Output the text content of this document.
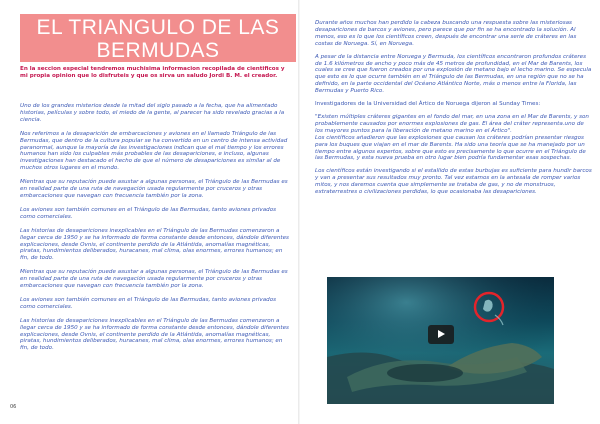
EL TRIANGULO DE LAS BERMUDAS
En la seccion especial tendremos muchisima informacion recopilada de cientificos y mi propia opinion que lo disfruteis y que os sirva un saludo Jordi B. M. el creador.

Uno de los grandes misterios desde la mitad del siglo pasado a la fecha, que ha alimentado historias, películas y sobre todo, el miedo de la gente, al parecer ha sido revelado gracias a la ciencia.

Nos referimos a la desaparición de embarcaciones y aviones en el llamado Triángulo de las Bermudas, que dentro de la cultura popular se ha convertido en un centro de intensa actividad paranormal, aunque la mayoría de las investigaciones indican que el mal tiempo y los errores humanos han sido los culpables más probables de las desapariciones, e incluso, algunas investigaciones han destacado el hecho de que el número de desapariciones es similar al de muchos otros lugares en el mundo.

Mientras que su reputación puede asustar a algunas personas, el Triángulo de las Bermudas es en realidad parte de una ruta de navegación usada regularmente por cruceros y otras embarcaciones que navegan con frecuencia también por la zona.

Los aviones son también comunes en el Triángulo de las Bermudas, tanto aviones privados como comerciales.

Las historias de desapariciones inexplicables en el Triángulo de las Bermudas comenzaron a llegar cerca de 1950 y se ha informado de forma constante desde entonces, dándole diferentes explicaciones, desde Ovnis, el continente perdido de la Atlántida, anomalías magnéticas, piratas, hundimientos deliberados, huracanes, mal clima, olas enormes, errores humanos; en fin, de todo.

Mientras que su reputación puede asustar a algunas personas, el Triángulo de las Bermudas es en realidad parte de una ruta de navegación usada regularmente por cruceros y otras embarcaciones que navegan con frecuencia también por la zona.

Los aviones son también comunes en el Triángulo de las Bermudas, tanto aviones privados como comerciales.

Las historias de desapariciones inexplicables en el Triángulo de las Bermudas comenzaron a llegar cerca de 1950 y se ha informado de forma constante desde entonces, dándole diferentes explicaciones, desde Ovnis, el continente perdido de la Atlántida, anomalías magnéticas, piratas, hundimientos deliberados, huracanes, mal clima, olas enormes, errores humanos; en fin, de todo.

06

Durante años muchos han perdido la cabeza buscando una respuesta sobre las misteriosas desapariciones de barcos y aviones, pero parece que por fin se ha encontrado la solución. Al menos, eso es lo que los científicos creen, después de encontrar una serie de cráteres en las costas de Noruega. Sí, en Noruega.

A pesar de la distancia entre Noruega y Bermuda, los científicos encontraron profundos cráteres de 1.6 kilómetros de ancho y poco más de 45 metros de profundidad, en el Mar de Barents, los cuales se cree que fueron creados por una explosión de metano bajo el lecho marino. Se especula que esto es lo que ocurre también en el Triángulo de las Bermudas, en una región que no se ha definido, en la parte occidental del Océano Atlántico Norte, más o menos entre la Florida, las Bermudas y Puerto Rico.

Investigadores de la Universidad del Ártico de Noruega dijeron al Sunday Times:

"Existen múltiples cráteres gigantes en el fondo del mar, en una zona en el Mar de Barents, y son probablemente causados por enormes explosiones de gas. El área del cráter representa.uno de los mayores puntos para la liberación de metano marino en el Ártico".
Los científicos añadieron que las explosiones que causan los cráteres podrían presentar riesgos para los buques que viajan en el mar de Barents. Ha sido una teoría que se ha manejado por un tiempo entre algunos expertos, sobre que esto es precisamente lo que ocurre en el Triángulo de las Bermudas, y esta nueva prueba en otro lugar bien podría fundamentar esas sospechas.

Los científicos están investigando si el estallido de estas burbujas es suficiente para hundir barcos y van a presentar sus resultados muy pronto. Tal vez estamos en la antesala de romper varios mitos, y nos daremos cuenta que simplemente se trataba de gas, y no de monstruos, extraterrestres o civilizaciones perdidas, lo que ocasionaba las desapariciones.
